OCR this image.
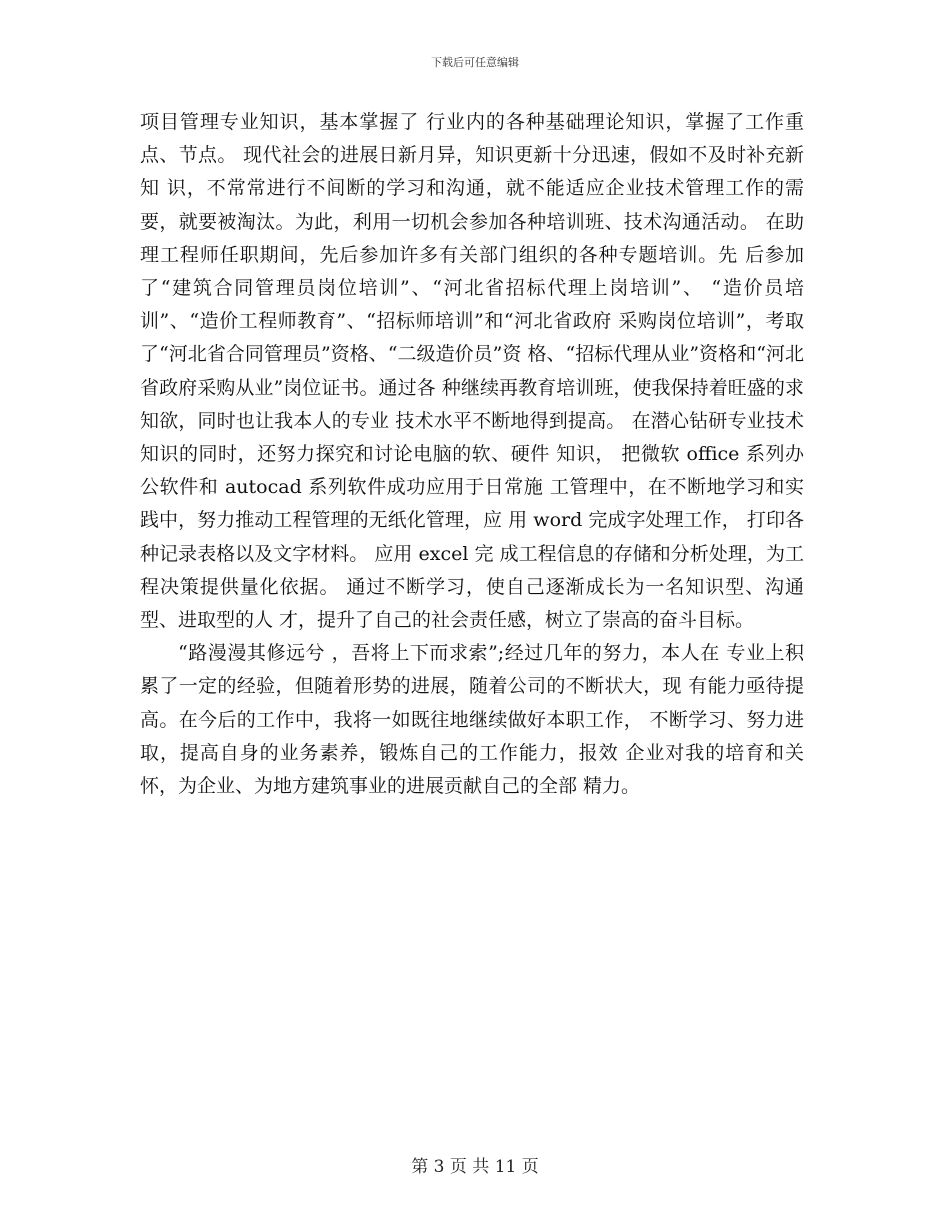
下载后可任意编辑

项目管理专业知识，基本掌握了 行业内的各种基础理论知识，掌握了工作重点、节点。 现代社会的进展日新月异，知识更新十分迅速，假如不及时补充新知 识，不常常进行不间断的学习和沟通，就不能适应企业技术管理工作的需 要，就要被淘汰。为此，利用一切机会参加各种培训班、技术沟通活动。 在助理工程师任职期间，先后参加许多有关部门组织的各种专题培训。先 后参加了“建筑合同管理员岗位培训”、“河北省招标代理上岗培训”、 “造价员培训”、“造价工程师教育”、“招标师培训”和“河北省政府 采购岗位培训”，考取了“河北省合同管理员”资格、“二级造价员”资 格、“招标代理从业”资格和“河北省政府采购从业”岗位证书。通过各 种继续再教育培训班，使我保持着旺盛的求知欲，同时也让我本人的专业 技术水平不断地得到提高。 在潜心钻研专业技术知识的同时，还努力探究和讨论电脑的软、硬件 知识， 把微软 office 系列办公软件和 autocad 系列软件成功应用于日常施 工管理中，在不断地学习和实践中，努力推动工程管理的无纸化管理，应 用 word 完成字处理工作， 打印各种记录表格以及文字材料。 应用 excel 完 成工程信息的存储和分析处理，为工程决策提供量化依据。 通过不断学习，使自己逐渐成长为一名知识型、沟通型、进取型的人 才，提升了自己的社会责任感，树立了崇高的奋斗目标。

“路漫漫其修远兮 ，吾将上下而求索”;经过几年的努力，本人在 专业上积累了一定的经验，但随着形势的进展，随着公司的不断状大，现 有能力亟待提高。在今后的工作中，我将一如既往地继续做好本职工作， 不断学习、努力进取，提高自身的业务素养，锻炼自己的工作能力，报效 企业对我的培育和关怀，为企业、为地方建筑事业的进展贡献自己的全部 精力。

第 3 页 共 11 页
